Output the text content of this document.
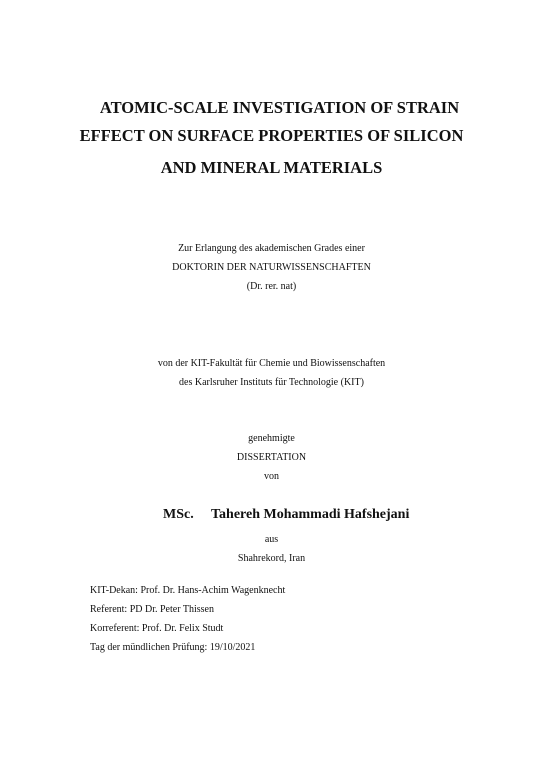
ATOMIC-SCALE INVESTIGATION OF STRAIN
EFFECT ON SURFACE PROPERTIES OF SILICON
AND MINERAL MATERIALS
Zur Erlangung des akademischen Grades einer
DOKTORIN DER NATURWISSENSCHAFTEN
(Dr. rer. nat)
von der KIT-Fakultät für Chemie und Biowissenschaften
des Karlsruher Instituts für Technologie (KIT)
genehmigte
DISSERTATION
von
MSc. Tahereh Mohammadi Hafshejani
aus
Shahrekord, Iran
KIT-Dekan: Prof. Dr. Hans-Achim Wagenknecht
Referent: PD Dr. Peter Thissen
Korreferent: Prof. Dr. Felix Studt
Tag der mündlichen Prüfung: 19/10/2021
